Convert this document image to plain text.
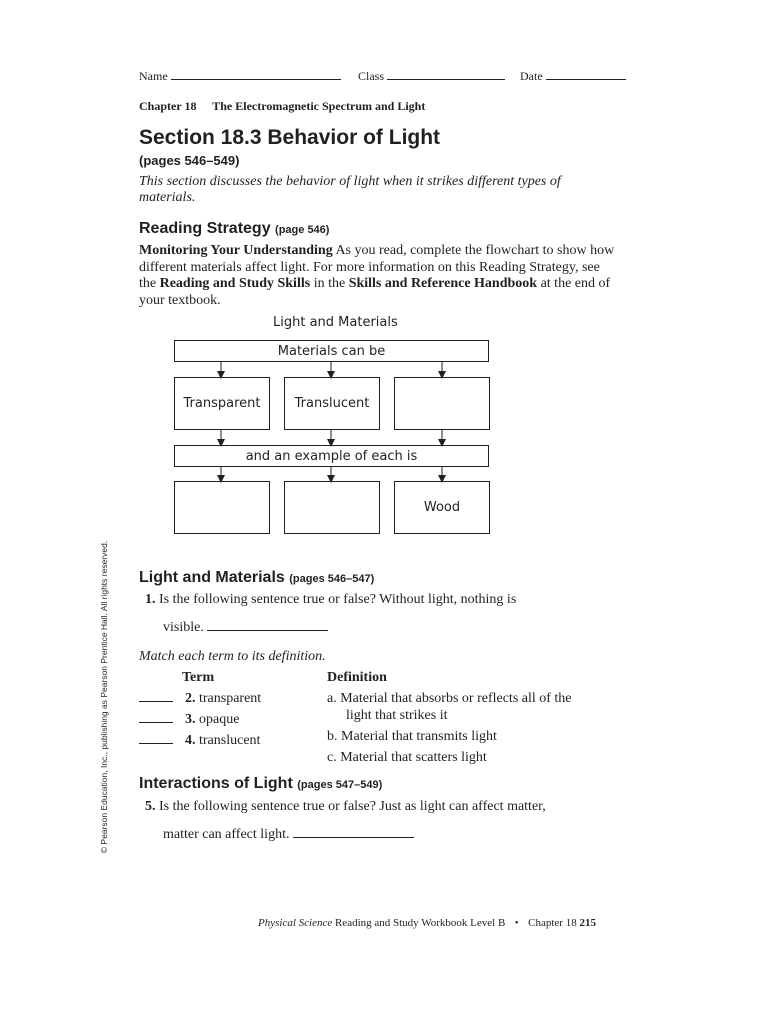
Name	Class	Date
Chapter 18 The Electromagnetic Spectrum and Light
Section 18.3 Behavior of Light
(pages 546–549)
This section discusses the behavior of light when it strikes different types of materials.
Reading Strategy (page 546)
Monitoring Your Understanding As you read, complete the flowchart to show how different materials affect light. For more information on this Reading Strategy, see the Reading and Study Skills in the Skills and Reference Handbook at the end of your textbook.
Light and Materials
Materials can be
Transparent	Translucent
and an example of each is
Wood
© Pearson Education, Inc., publishing as Pearson Prentice Hall. All rights reserved. Light and Materials (pages 546–547)
1. Is the following sentence true or false? Without light, nothing is
visible.
Match each term to its definition.
Term	Definition
2. transparent
3. opaque
4. translucent
a. Material that absorbs or reflects all of the
light that strikes it
b. Material that transmits light
c. Material that scatters light
Interactions of Light (pages 547–549)
5. Is the following sentence true or false? Just as light can affect matter,
matter can affect light.
Physical Science Reading and Study Workbook Level B • Chapter 18 215
